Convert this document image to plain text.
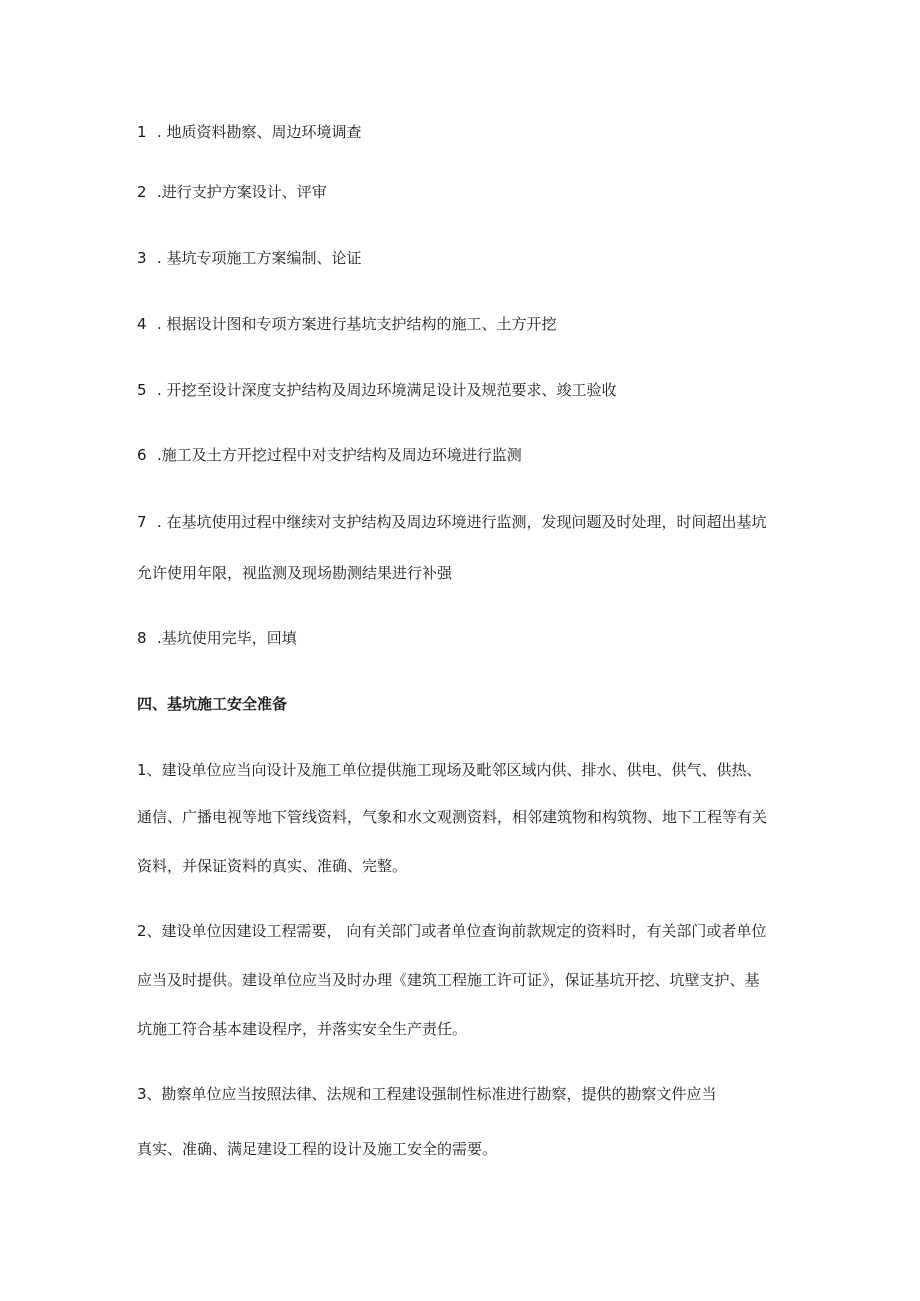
1 . 地质资料勘察、周边环境调查
2 .进行支护方案设计、评审
3 . 基坑专项施工方案编制、论证
4 . 根据设计图和专项方案进行基坑支护结构的施工、土方开挖
5 . 开挖至设计深度支护结构及周边环境满足设计及规范要求、竣工验收
6 .施工及土方开挖过程中对支护结构及周边环境进行监测
7 . 在基坑使用过程中继续对支护结构及周边环境进行监测，发现问题及时处理，时间超出基坑
允许使用年限，视监测及现场勘测结果进行补强
8 .基坑使用完毕，回填
四、基坑施工安全准备
1、建设单位应当向设计及施工单位提供施工现场及毗邻区域内供、排水、供电、供气、供热、
通信、广播电视等地下管线资料，气象和水文观测资料，相邻建筑物和构筑物、地下工程等有关
资料，并保证资料的真实、准确、完整。
2、建设单位因建设工程需要， 向有关部门或者单位查询前款规定的资料时，有关部门或者单位
应当及时提供。建设单位应当及时办理《建筑工程施工许可证》，保证基坑开挖、坑壁支护、基
坑施工符合基本建设程序，并落实安全生产责任。
3、勘察单位应当按照法律、法规和工程建设强制性标准进行勘察，提供的勘察文件应当
真实、准确、满足建设工程的设计及施工安全的需要。
